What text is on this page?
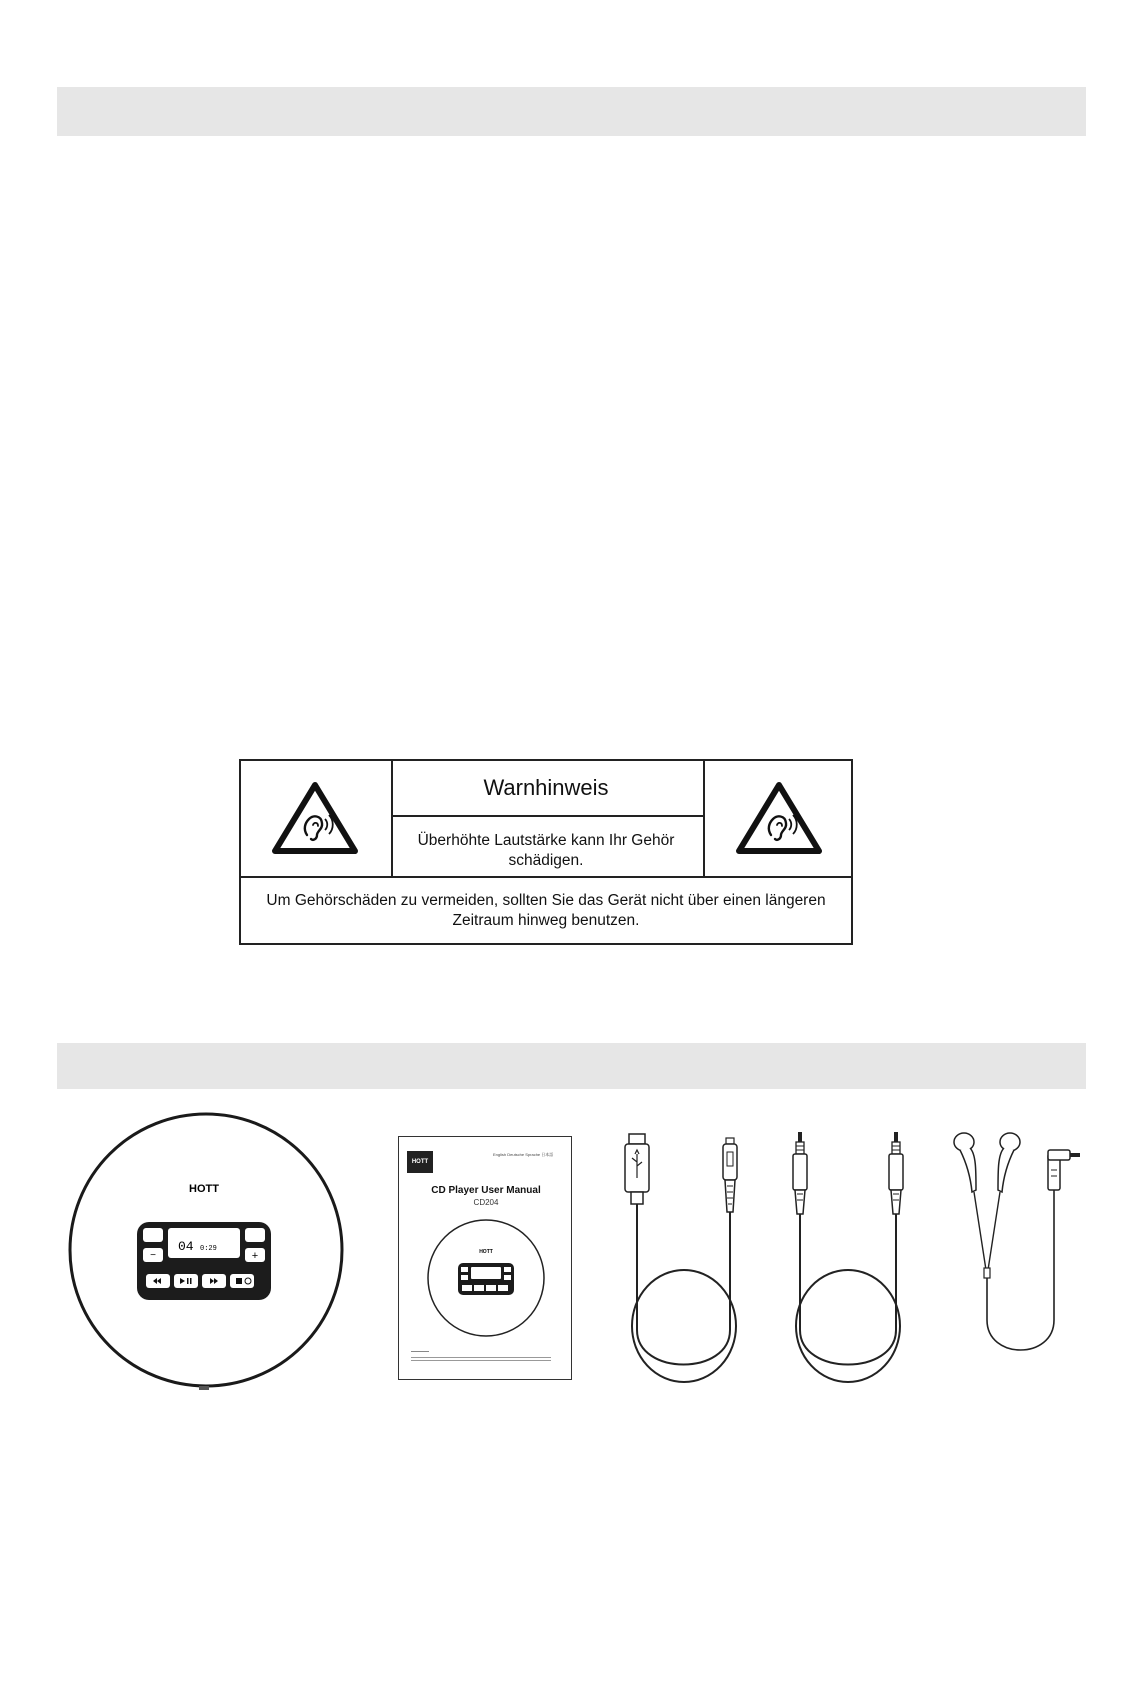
Warnhinweis
Überhöhte Lautstärke kann Ihr Gehör
schädigen.
Um Gehörschäden zu vermeiden, sollten Sie das Gerät nicht über einen längeren
Zeitraum hinweg benutzen.
HOTT
04 0:29
−	+
HOTT
English Deutsche Sprache 日本語
CD Player User Manual
CD204
HOTT
